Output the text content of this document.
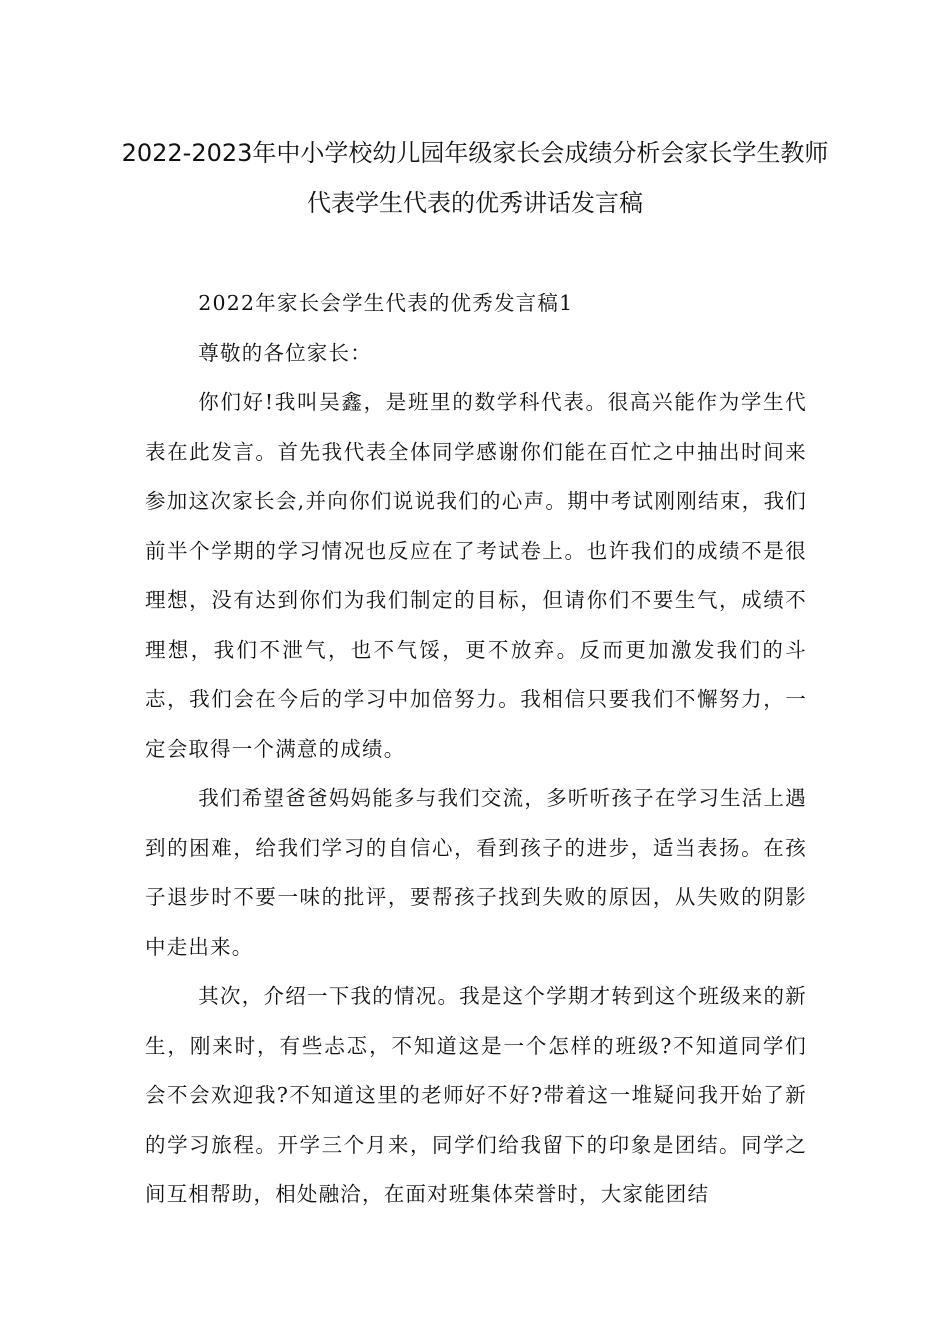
2022-2023年中小学校幼儿园年级家长会成绩分析会家长学生教师
代表学生代表的优秀讲话发言稿

2022年家长会学生代表的优秀发言稿1

尊敬的各位家长：

你们好!我叫吴鑫，是班里的数学科代表。很高兴能作为学生代表在此发言。首先我代表全体同学感谢你们能在百忙之中抽出时间来参加这次家长会,并向你们说说我们的心声。期中考试刚刚结束，我们前半个学期的学习情况也反应在了考试卷上。也许我们的成绩不是很理想，没有达到你们为我们制定的目标，但请你们不要生气，成绩不理想，我们不泄气，也不气馁，更不放弃。反而更加激发我们的斗志，我们会在今后的学习中加倍努力。我相信只要我们不懈努力，一定会取得一个满意的成绩。

我们希望爸爸妈妈能多与我们交流，多听听孩子在学习生活上遇到的困难，给我们学习的自信心，看到孩子的进步，适当表扬。在孩子退步时不要一味的批评，要帮孩子找到失败的原因，从失败的阴影中走出来。

其次，介绍一下我的情况。我是这个学期才转到这个班级来的新生，刚来时，有些忐忑，不知道这是一个怎样的班级?不知道同学们会不会欢迎我?不知道这里的老师好不好?带着这一堆疑问我开始了新的学习旅程。开学三个月来，同学们给我留下的印象是团结。同学之间互相帮助，相处融洽，在面对班集体荣誉时，大家能团结
